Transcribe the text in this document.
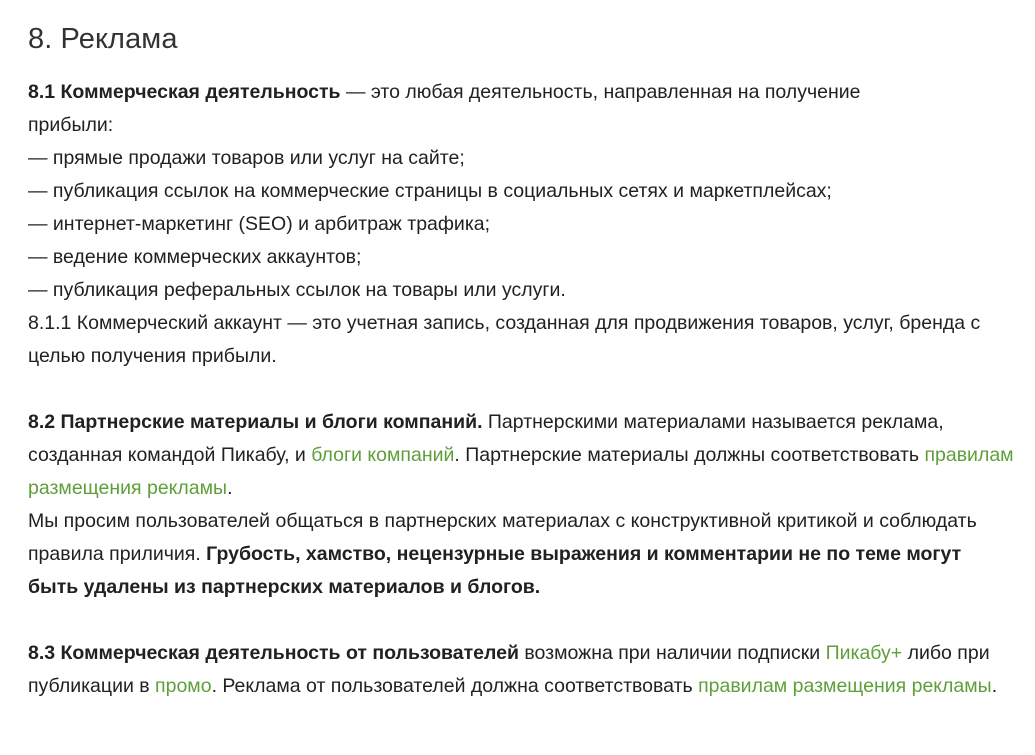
8. Реклама

8.1 Коммерческая деятельность — это любая деятельность, направленная на получение прибыли:

— прямые продажи товаров или услуг на сайте;
— публикация ссылок на коммерческие страницы в социальных сетях и маркетплейсах;
— интернет-маркетинг (SEO) и арбитраж трафика;
— ведение коммерческих аккаунтов;
— публикация реферальных ссылок на товары или услуги.

8.1.1 Коммерческий аккаунт — это учетная запись, созданная для продвижения товаров, услуг, бренда с целью получения прибыли.

8.2 Партнерские материалы и блоги компаний. Партнерскими материалами называется реклама, созданная командой Пикабу, и блоги компаний. Партнерские материалы должны соответствовать правилам размещения рекламы.

Мы просим пользователей общаться в партнерских материалах с конструктивной критикой и соблюдать правила приличия. Грубость, хамство, нецензурные выражения и комментарии не по теме могут быть удалены из партнерских материалов и блогов.

8.3 Коммерческая деятельность от пользователей возможна при наличии подписки Пикабу+ либо при публикации в промо. Реклама от пользователей должна соответствовать правилам размещения рекламы.
